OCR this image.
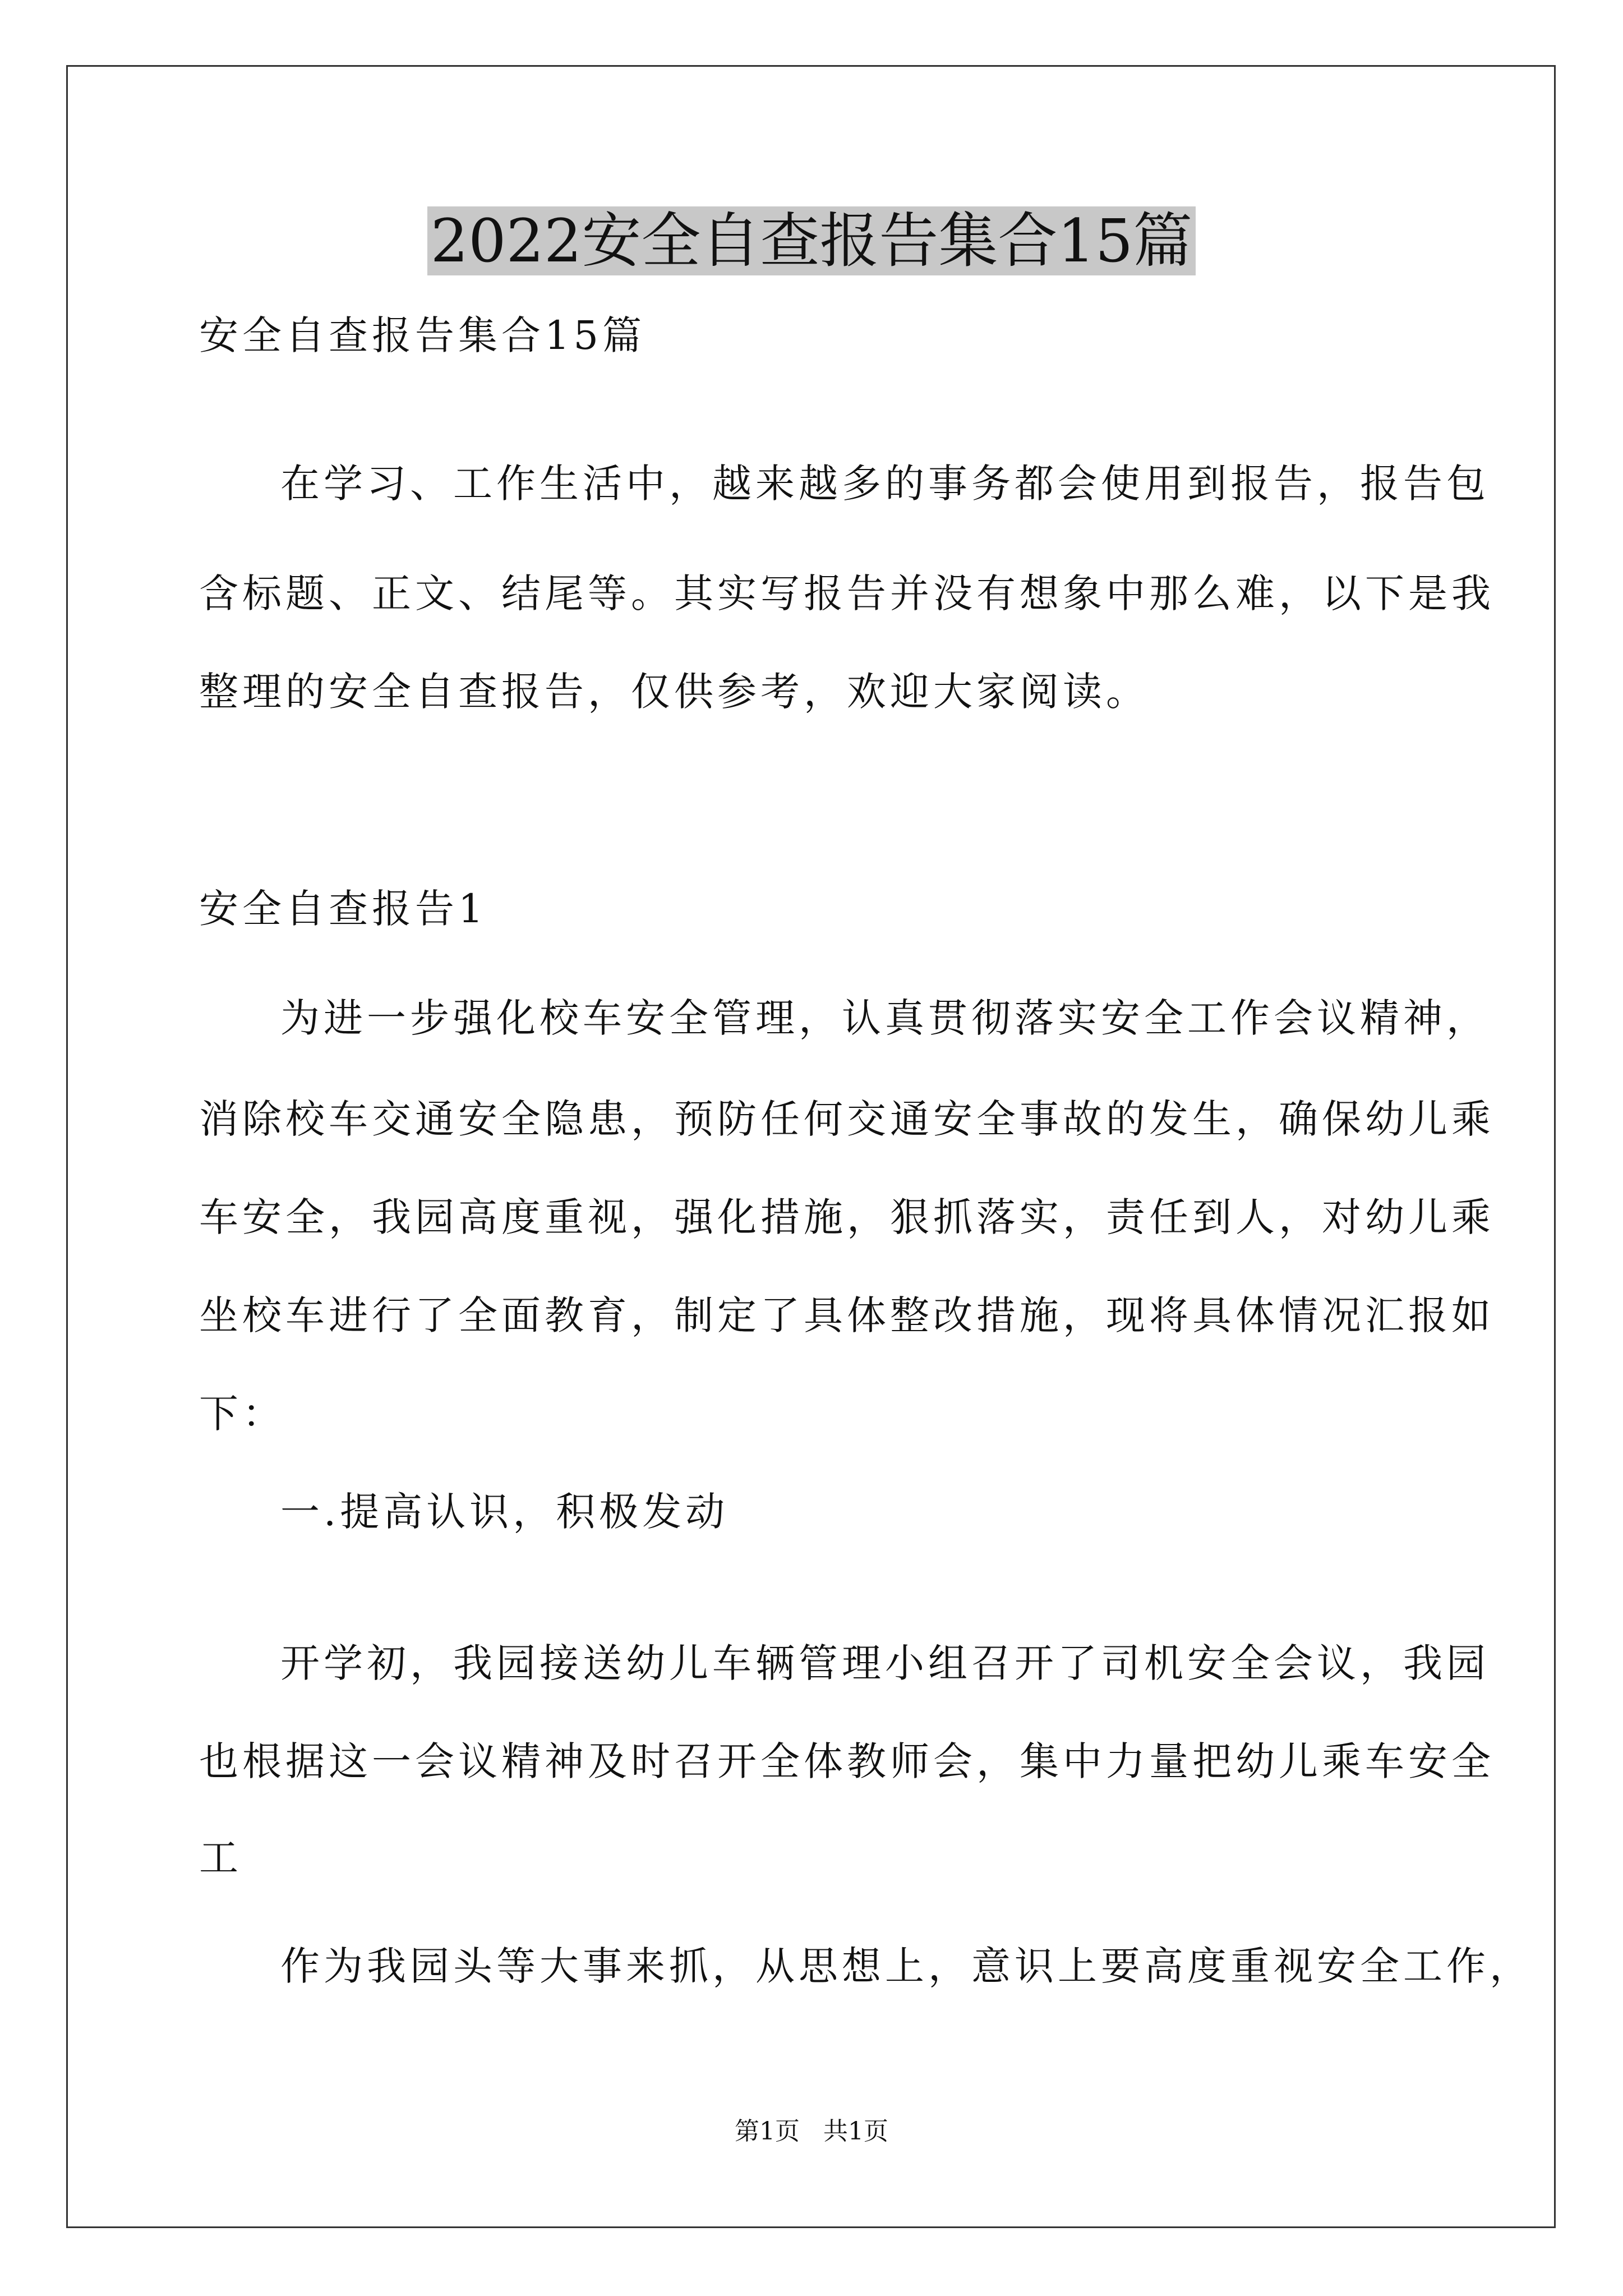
2022安全自查报告集合15篇
安全自查报告集合15篇
在学习、工作生活中，越来越多的事务都会使用到报告，报告包
含标题、正文、结尾等。其实写报告并没有想象中那么难，以下是我
整理的安全自查报告，仅供参考，欢迎大家阅读。
安全自查报告1
为进一步强化校车安全管理，认真贯彻落实安全工作会议精神，
消除校车交通安全隐患，预防任何交通安全事故的发生，确保幼儿乘
车安全，我园高度重视，强化措施，狠抓落实，责任到人，对幼儿乘
坐校车进行了全面教育，制定了具体整改措施，现将具体情况汇报如
下：
一.提高认识，积极发动
开学初，我园接送幼儿车辆管理小组召开了司机安全会议，我园
也根据这一会议精神及时召开全体教师会，集中力量把幼儿乘车安全
工
作为我园头等大事来抓，从思想上，意识上要高度重视安全工作，
第1页   共1页
